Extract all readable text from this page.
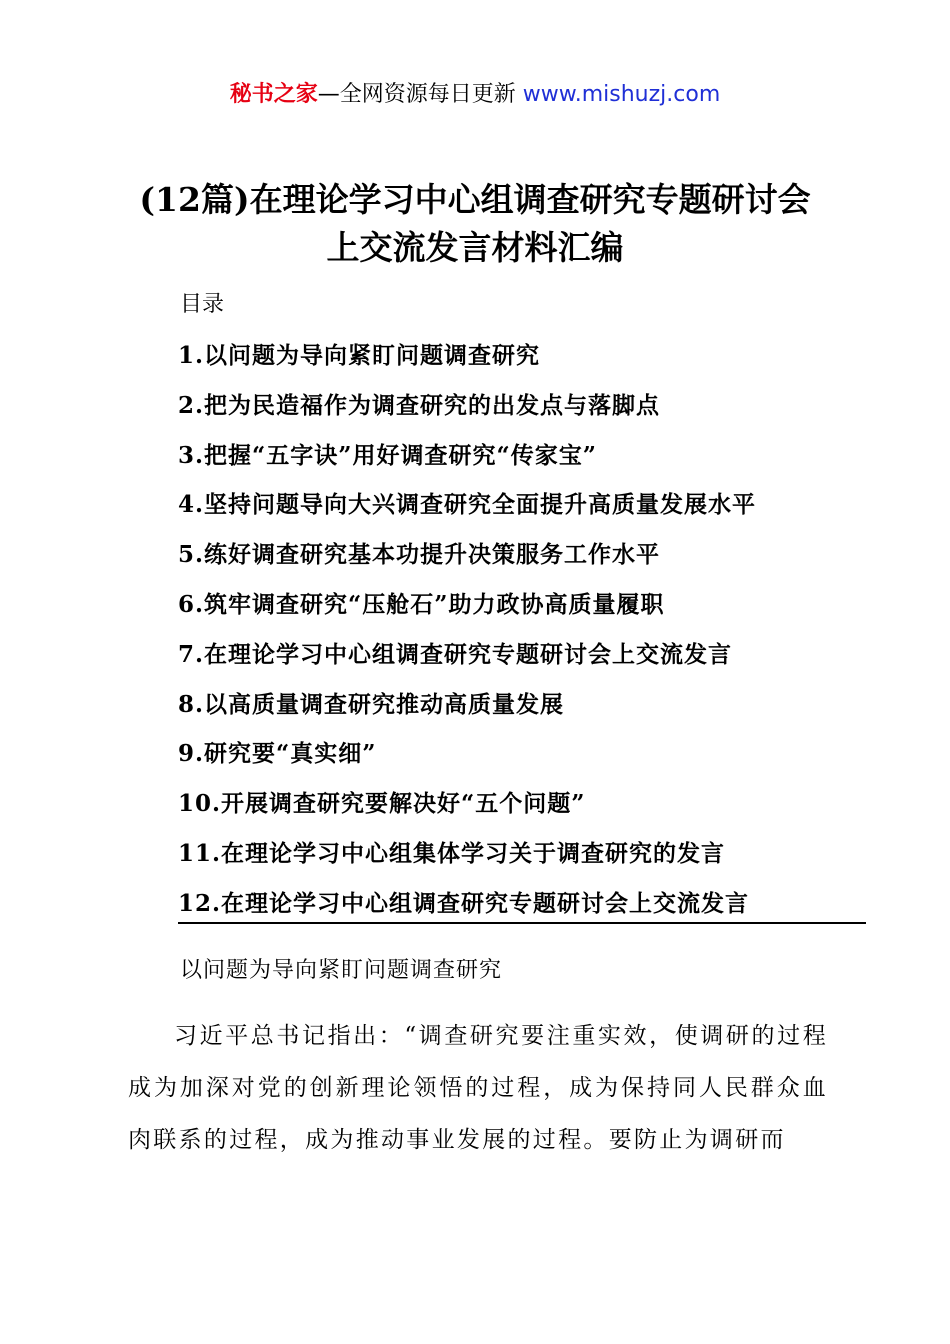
秘书之家—全网资源每日更新 www.mishuzj.com
(12篇)在理论学习中心组调查研究专题研讨会
上交流发言材料汇编
目录
1.以问题为导向紧盯问题调查研究
2.把为民造福作为调查研究的出发点与落脚点
3.把握“五字诀”用好调查研究“传家宝”
4.坚持问题导向大兴调查研究全面提升高质量发展水平
5.练好调查研究基本功提升决策服务工作水平
6.筑牢调查研究“压舱石”助力政协高质量履职
7.在理论学习中心组调查研究专题研讨会上交流发言
8.以高质量调查研究推动高质量发展
9.研究要“真实细”
10.开展调查研究要解决好“五个问题”
11.在理论学习中心组集体学习关于调查研究的发言
12.在理论学习中心组调查研究专题研讨会上交流发言
以问题为导向紧盯问题调查研究

习近平总书记指出：“调查研究要注重实效，使调研的过程成为加深对党的创新理论领悟的过程，成为保持同人民群众血肉联系的过程，成为推动事业发展的过程。要防止为调研而
